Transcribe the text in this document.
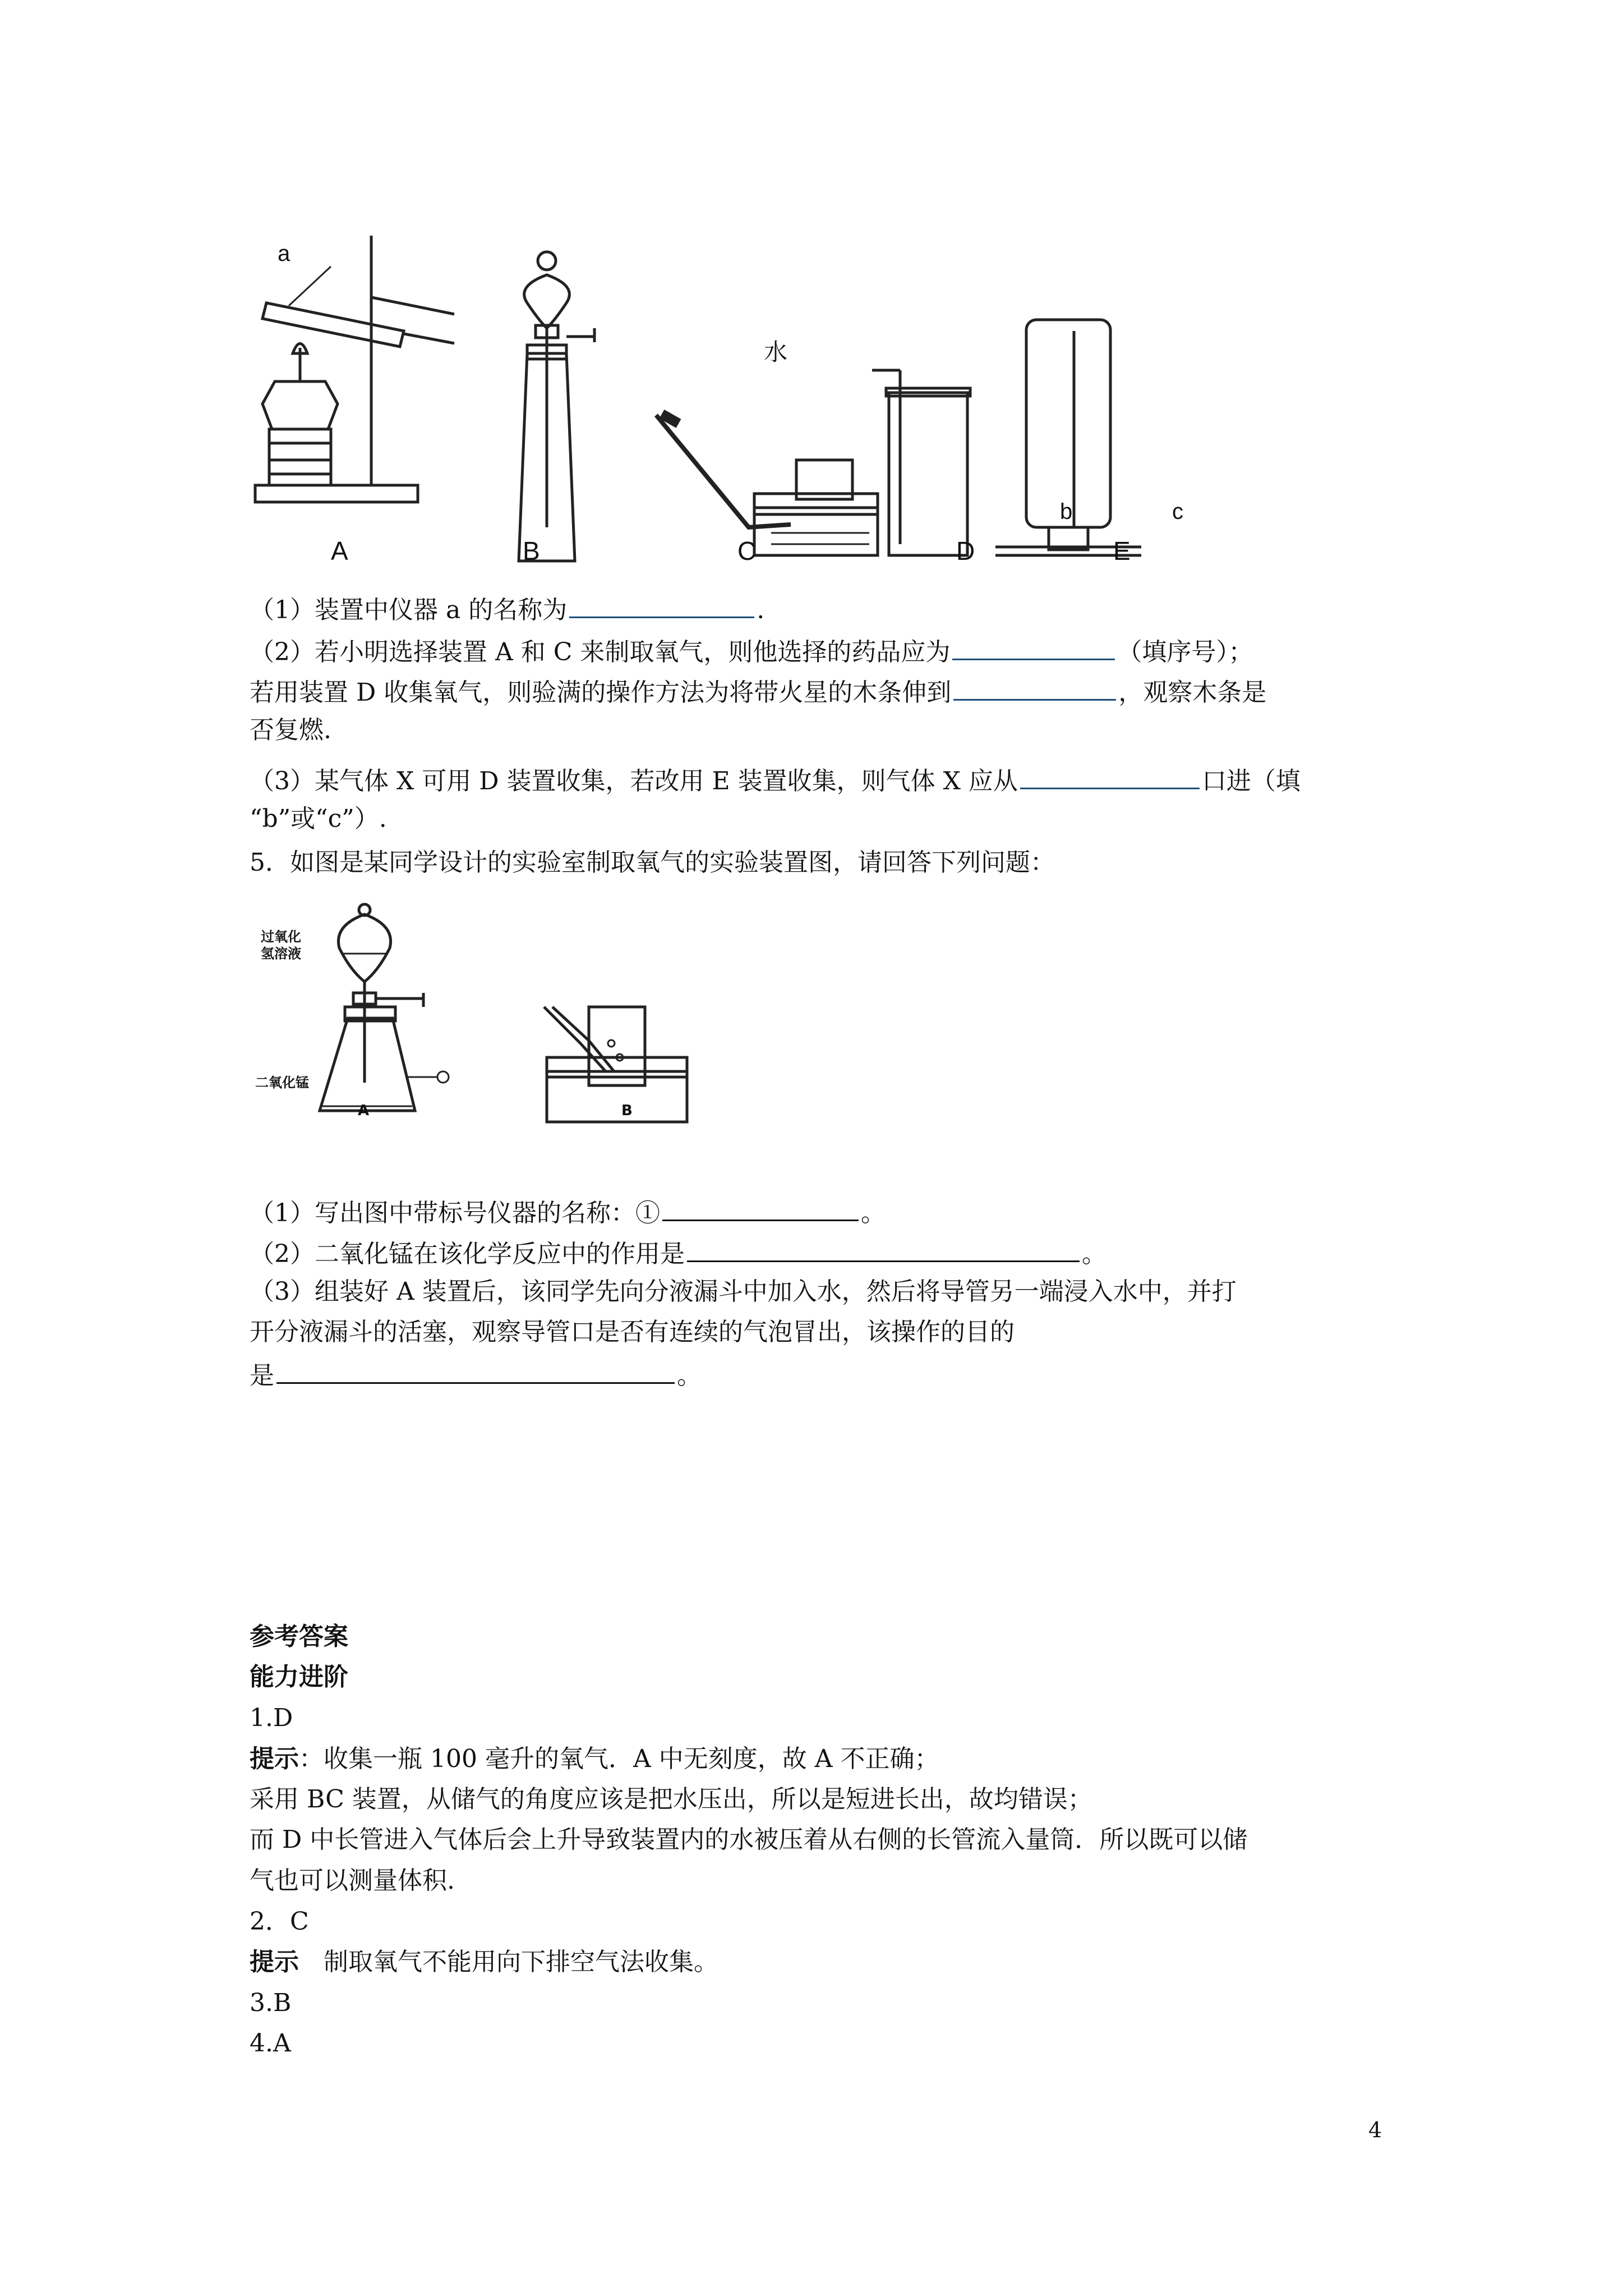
A	B	C	D	E
a
水
b	c
（1）装置中仪器 a 的名称为	.
（2）若小明选择装置 A 和 C 来制取氧气，则他选择的药品应为	（填序号）；
若用装置 D 收集氧气，则验满的操作方法为将带火星的木条伸到	，观察木条是
否复燃.
（3）某气体 X 可用 D 装置收集，若改用 E 装置收集，则气体 X 应从	口进（填
“b”或“c”）.
5．如图是某同学设计的实验室制取氧气的实验装置图，请回答下列问题：
过氧化氢溶液
二氧化锰
A	B
（1）写出图中带标号仪器的名称：①	。
（2）二氧化锰在该化学反应中的作用是	。
（3）组装好 A 装置后，该同学先向分液漏斗中加入水，然后将导管另一端浸入水中，并打
开分液漏斗的活塞，观察导管口是否有连续的气泡冒出，该操作的目的
是	。
参考答案
能力进阶
1.D
提示：收集一瓶 100 毫升的氧气．A 中无刻度，故 A 不正确；
采用 BC 装置，从储气的角度应该是把水压出，所以是短进长出，故均错误；
而 D 中长管进入气体后会上升导致装置内的水被压着从右侧的长管流入量筒．所以既可以储
气也可以测量体积.
2．C
提示　制取氧气不能用向下排空气法收集。
3.B
4.A
4
